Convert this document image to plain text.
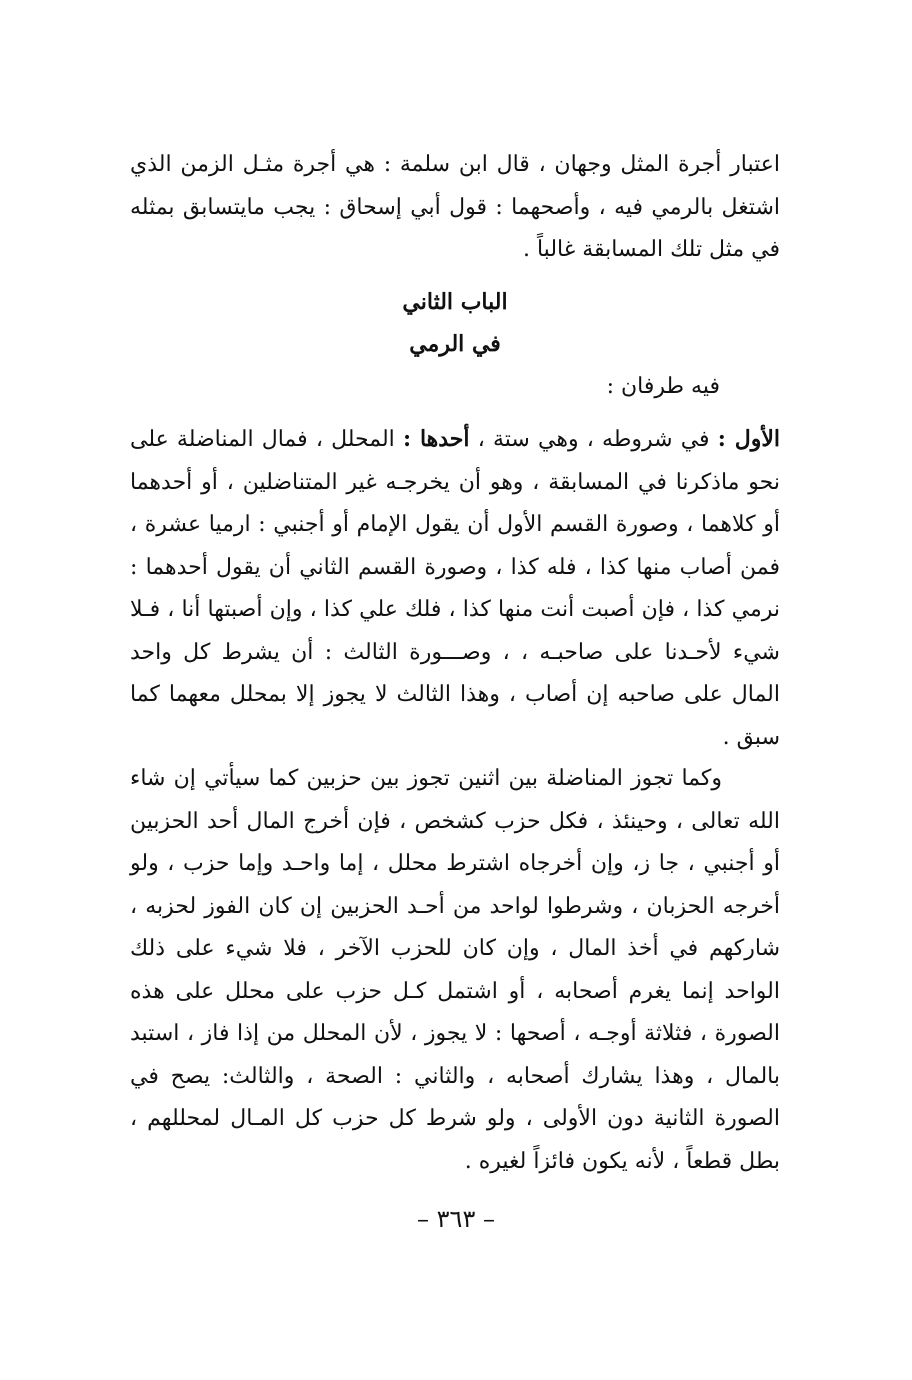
اعتبار أجرة المثل وجهان ، قال ابن سلمة : هي أجرة مثـل الزمن الذي اشتغل بالرمي فيه ، وأصحهما : قول أبي إسحاق : يجب مايتسابق بمثله في مثل تلك المسابقة غالباً .

الباب الثاني
في الرمي

فيه طرفان :

الأول : في شروطه ، وهي ستة ، أحدها : المحلل ، فمال المناضلة على نحو ماذكرنا في المسابقة ، وهو أن يخرجـه غير المتناضلين ، أو أحدهما أو كلاهما ، وصورة القسم الأول أن يقول الإمام أو أجنبي : ارميا عشرة ، فمن أصاب منها كذا ، فله كذا ، وصورة القسم الثاني أن يقول أحدهما : نرمي كذا ، فإن أصبت أنت منها كذا ، فلك علي كذا ، وإن أصبتها أنا ، فـلا شيء لأحـدنا على صاحبـه ، ، وصـــورة الثالث : أن يشرط كل واحد المال على صاحبه إن أصاب ، وهذا الثالث لا يجوز إلا بمحلل معهما كما سبق .

وكما تجوز المناضلة بين اثنين تجوز بين حزبين كما سيأتي إن شاء الله تعالى ، وحينئذ ، فكل حزب كشخص ، فإن أخرج المال أحد الحزبين أو أجنبي ، جا ز، وإن أخرجاه اشترط محلل ، إما واحـد وإما حزب ، ولو أخرجه الحزبان ، وشرطوا لواحد من أحـد الحزبين إن كان الفوز لحزبه ، شاركهم في أخذ المال ، وإن كان للحزب الآخر ، فلا شيء على ذلك الواحد إنما يغرم أصحابه ، أو اشتمل كـل حزب على محلل على هذه الصورة ، فثلاثة أوجـه ، أصحها : لا يجوز ، لأن المحلل من إذا فاز ، استبد بالمال ، وهذا يشارك أصحابه ، والثاني : الصحة ، والثالث: يصح في الصورة الثانية دون الأولى ، ولو شرط كل حزب كل المـال لمحللهم ، بطل قطعاً ، لأنه يكون فائزاً لغيره .

– ٣٦٣ –
